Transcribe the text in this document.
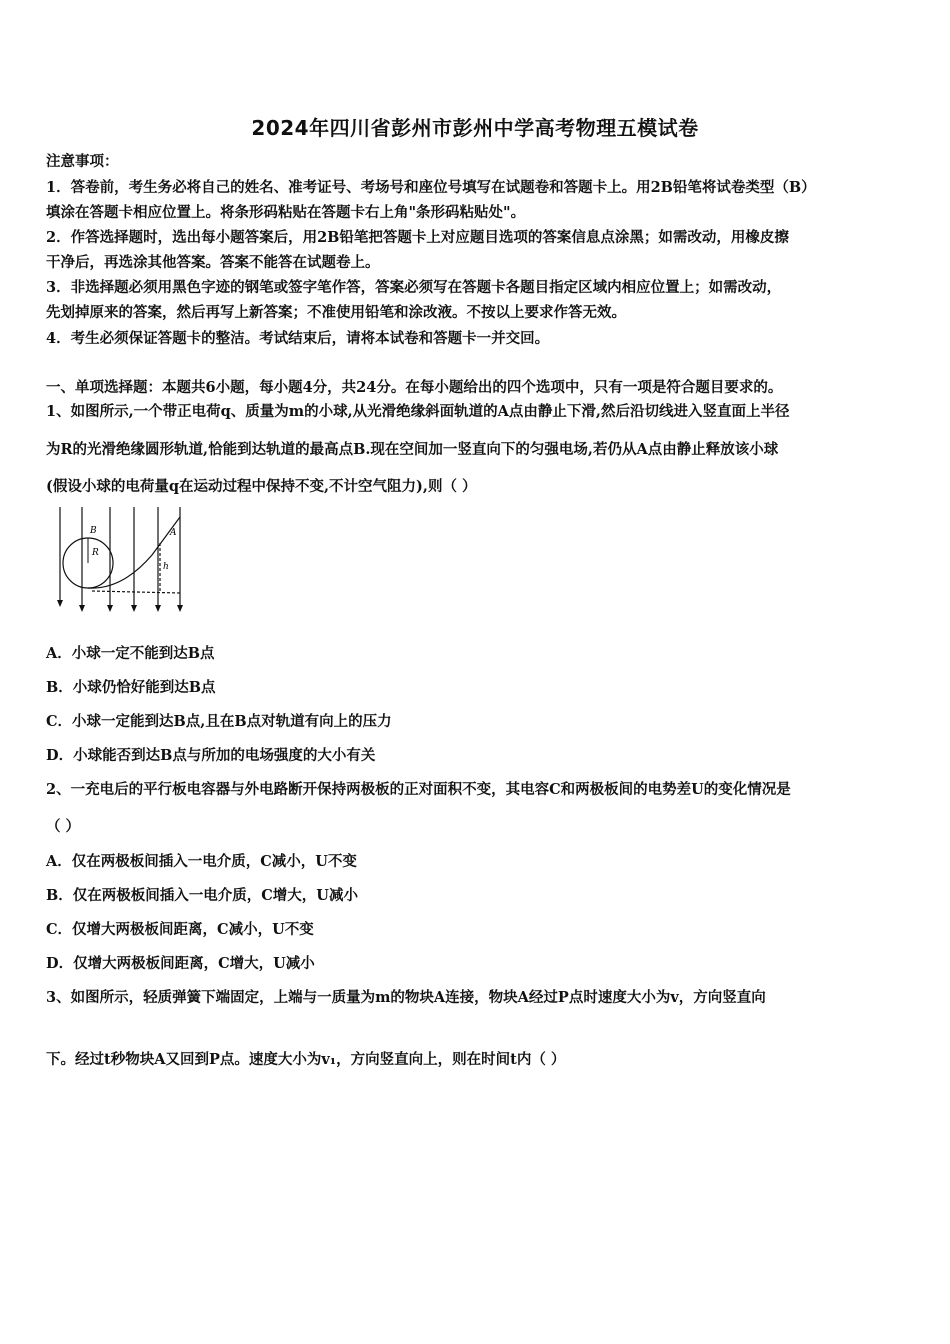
2024年四川省彭州市彭州中学高考物理五模试卷
注意事项：
1．答卷前，考生务必将自己的姓名、准考证号、考场号和座位号填写在试题卷和答题卡上。用2B铅笔将试卷类型（B）
填涂在答题卡相应位置上。将条形码粘贴在答题卡右上角"条形码粘贴处"。
2．作答选择题时，选出每小题答案后，用2B铅笔把答题卡上对应题目选项的答案信息点涂黑；如需改动，用橡皮擦
干净后，再选涂其他答案。答案不能答在试题卷上。
3．非选择题必须用黑色字迹的钢笔或签字笔作答，答案必须写在答题卡各题目指定区域内相应位置上；如需改动，
先划掉原来的答案，然后再写上新答案；不准使用铅笔和涂改液。不按以上要求作答无效。
4．考生必须保证答题卡的整洁。考试结束后，请将本试卷和答题卡一并交回。
一、单项选择题：本题共6小题，每小题4分，共24分。在每小题给出的四个选项中，只有一项是符合题目要求的。
1、如图所示,一个带正电荷q、质量为m的小球,从光滑绝缘斜面轨道的A点由静止下滑,然后沿切线进入竖直面上半径
为R的光滑绝缘圆形轨道,恰能到达轨道的最高点B.现在空间加一竖直向下的匀强电场,若仍从A点由静止释放该小球
(假设小球的电荷量q在运动过程中保持不变,不计空气阻力),则（ ）
B
R
A
h
A．小球一定不能到达B点
B．小球仍恰好能到达B点
C．小球一定能到达B点,且在B点对轨道有向上的压力
D．小球能否到达B点与所加的电场强度的大小有关
2、一充电后的平行板电容器与外电路断开保持两极板的正对面积不变，其电容C和两极板间的电势差U的变化情况是
（ ）
A．仅在两极板间插入一电介质，C减小，U不变
B．仅在两极板间插入一电介质，C增大，U减小
C．仅增大两极板间距离，C减小，U不变
D．仅增大两极板间距离，C增大，U减小
3、如图所示，轻质弹簧下端固定，上端与一质量为m的物块A连接，物块A经过P点时速度大小为v，方向竖直向
下。经过t秒物块A又回到P点。速度大小为v₁，方向竖直向上，则在时间t内（ ）
